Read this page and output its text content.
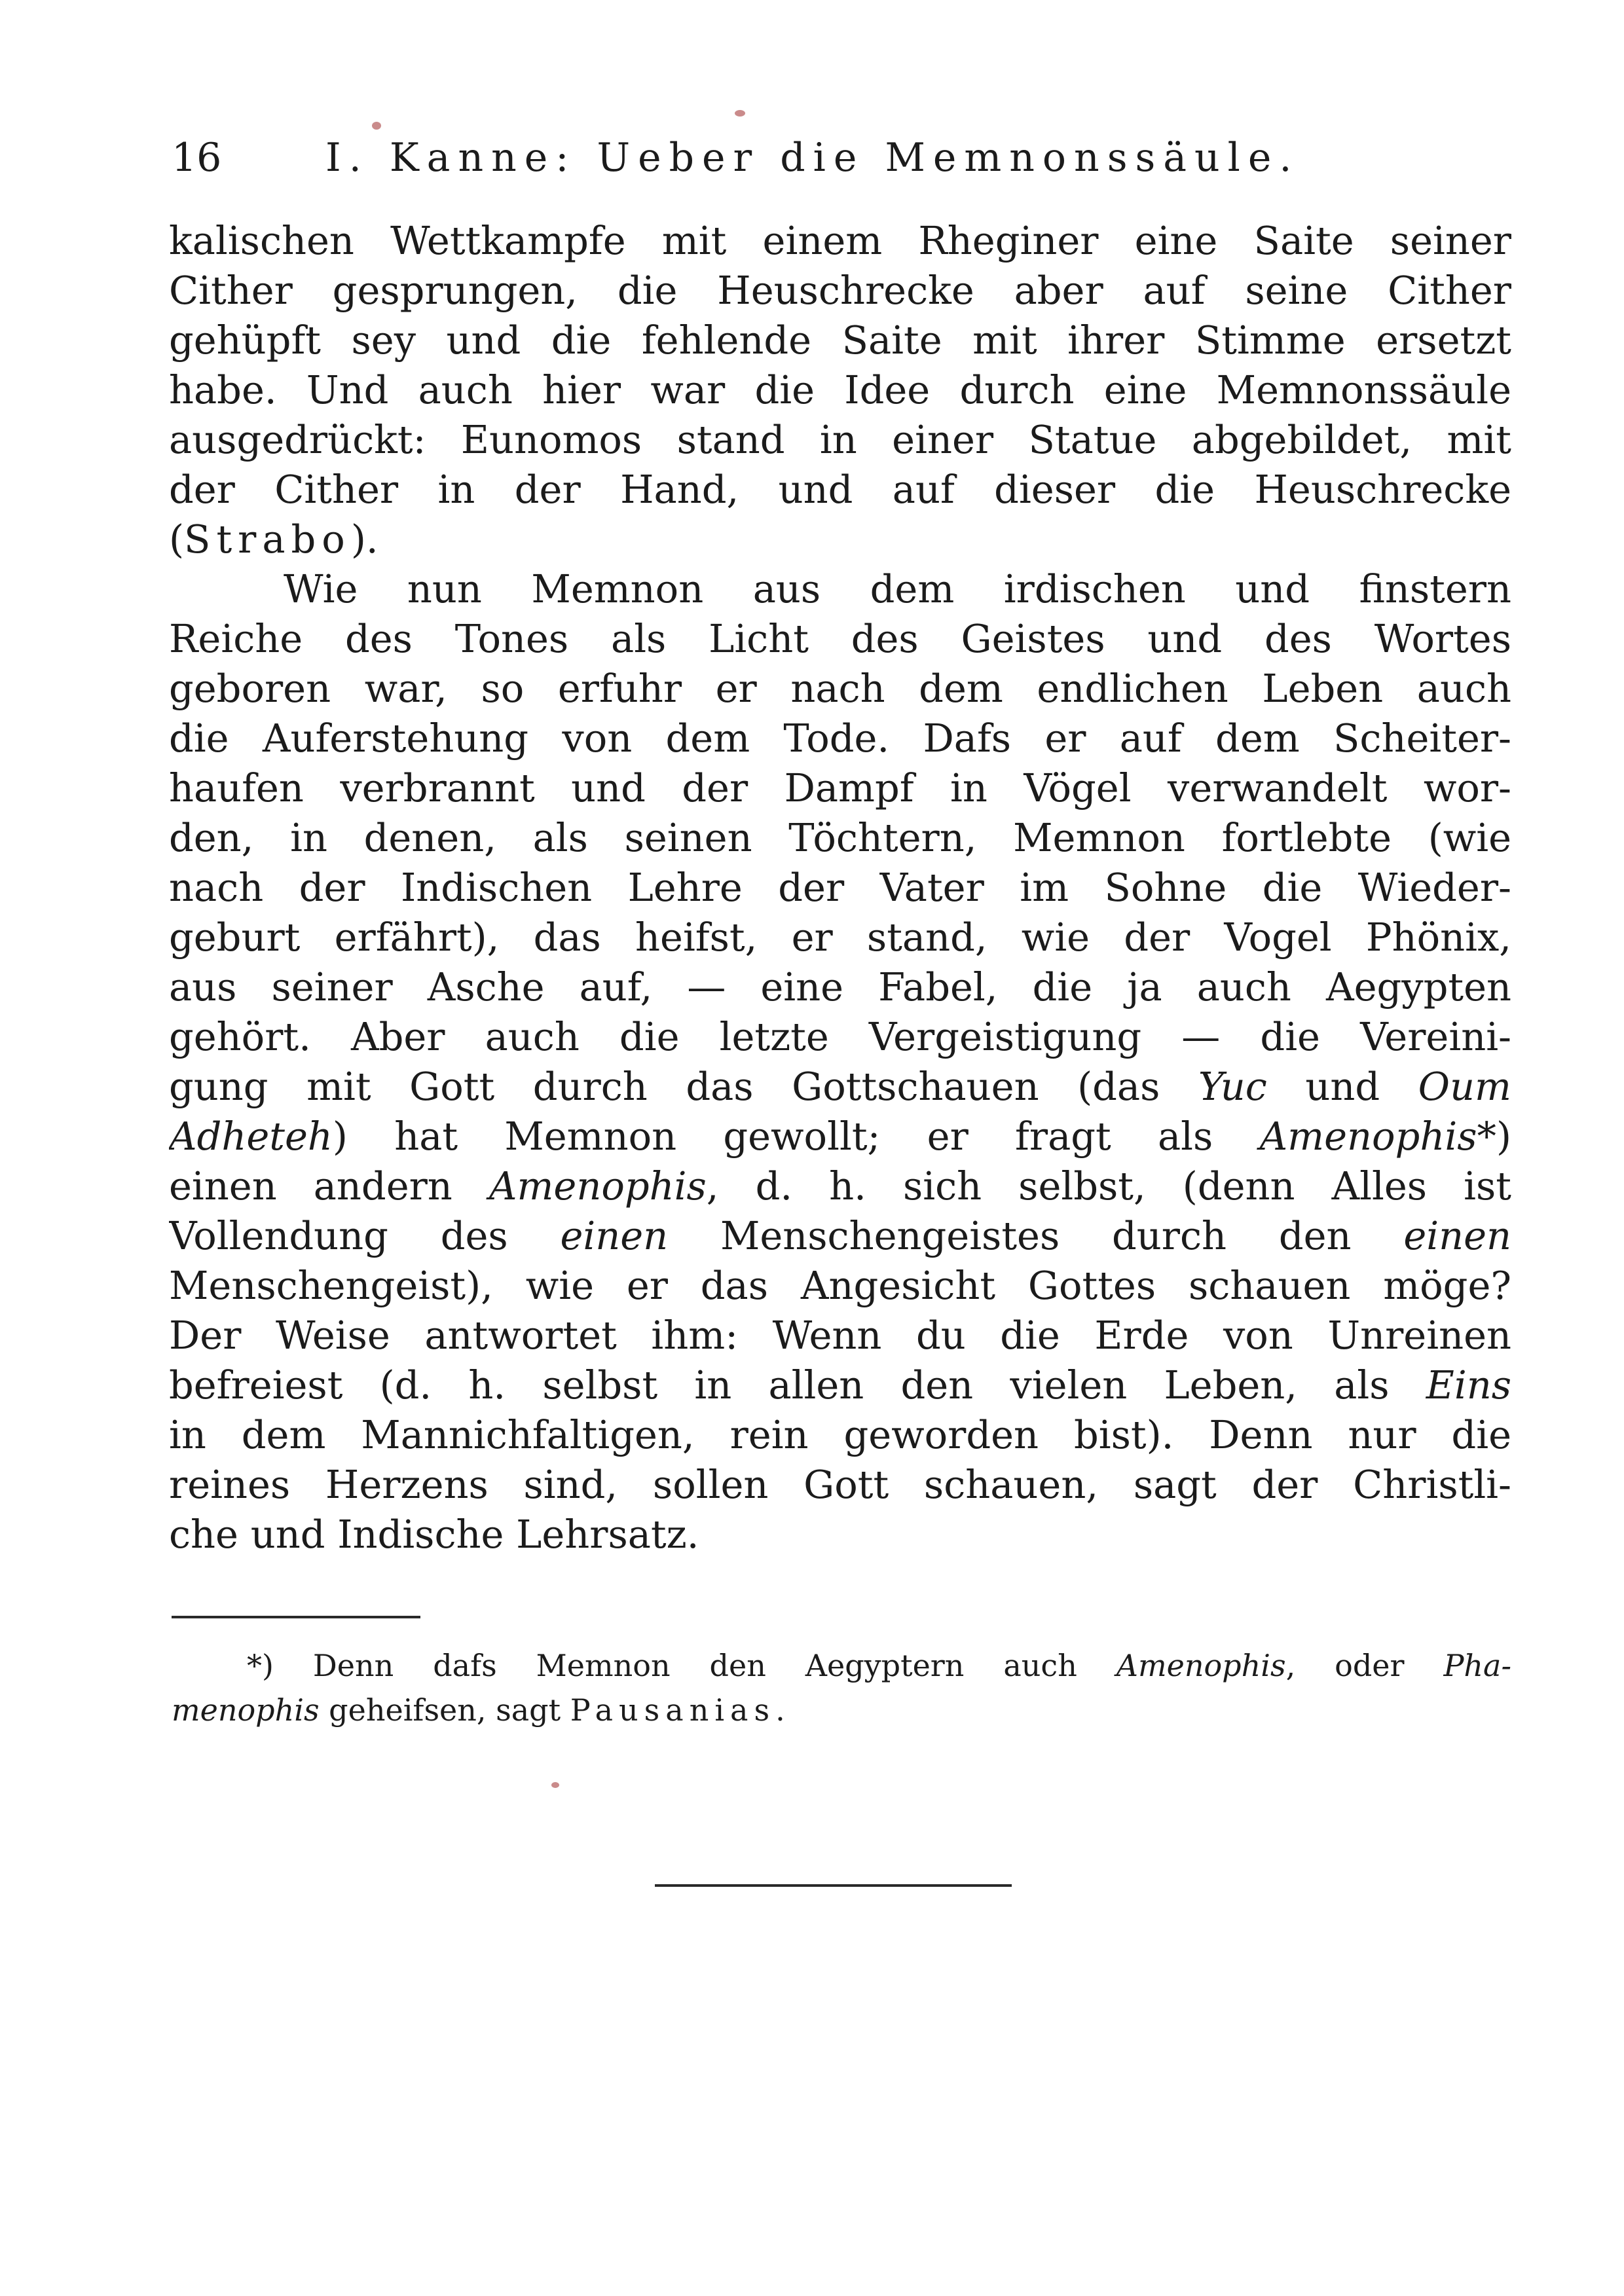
16	I. Kanne: Ueber die Memnonssäule.
kalischen Wettkampfe mit einem Rheginer eine Saite seiner
Cither gesprungen, die Heuschrecke aber auf seine Cither
gehüpft sey und die fehlende Saite mit ihrer Stimme ersetzt
habe. Und auch hier war die Idee durch eine Memnonssäule
ausgedrückt: Eunomos stand in einer Statue abgebildet, mit
der Cither in der Hand, und auf dieser die Heuschrecke
(Strabo).
Wie nun Memnon aus dem irdischen und finstern
Reiche des Tones als Licht des Geistes und des Wortes
geboren war, so erfuhr er nach dem endlichen Leben auch
die Auferstehung von dem Tode. Dafs er auf dem Scheiter-
haufen verbrannt und der Dampf in Vögel verwandelt wor-
den, in denen, als seinen Töchtern, Memnon fortlebte (wie
nach der Indischen Lehre der Vater im Sohne die Wieder-
geburt erfährt), das heifst, er stand, wie der Vogel Phönix,
aus seiner Asche auf, — eine Fabel, die ja auch Aegypten
gehört. Aber auch die letzte Vergeistigung — die Vereini-
gung mit Gott durch das Gottschauen (das Yuc und Oum
Adheteh) hat Memnon gewollt; er fragt als Amenophis*)
einen andern Amenophis, d. h. sich selbst, (denn Alles ist
Vollendung des einen Menschengeistes durch den einen
Menschengeist), wie er das Angesicht Gottes schauen möge?
Der Weise antwortet ihm: Wenn du die Erde von Unreinen
befreiest (d. h. selbst in allen den vielen Leben, als Eins
in dem Mannichfaltigen, rein geworden bist). Denn nur die
reines Herzens sind, sollen Gott schauen, sagt der Christli-
che und Indische Lehrsatz.
*) Denn dafs Memnon den Aegyptern auch Amenophis, oder Pha-
menophis geheifsen, sagt Pausanias.
